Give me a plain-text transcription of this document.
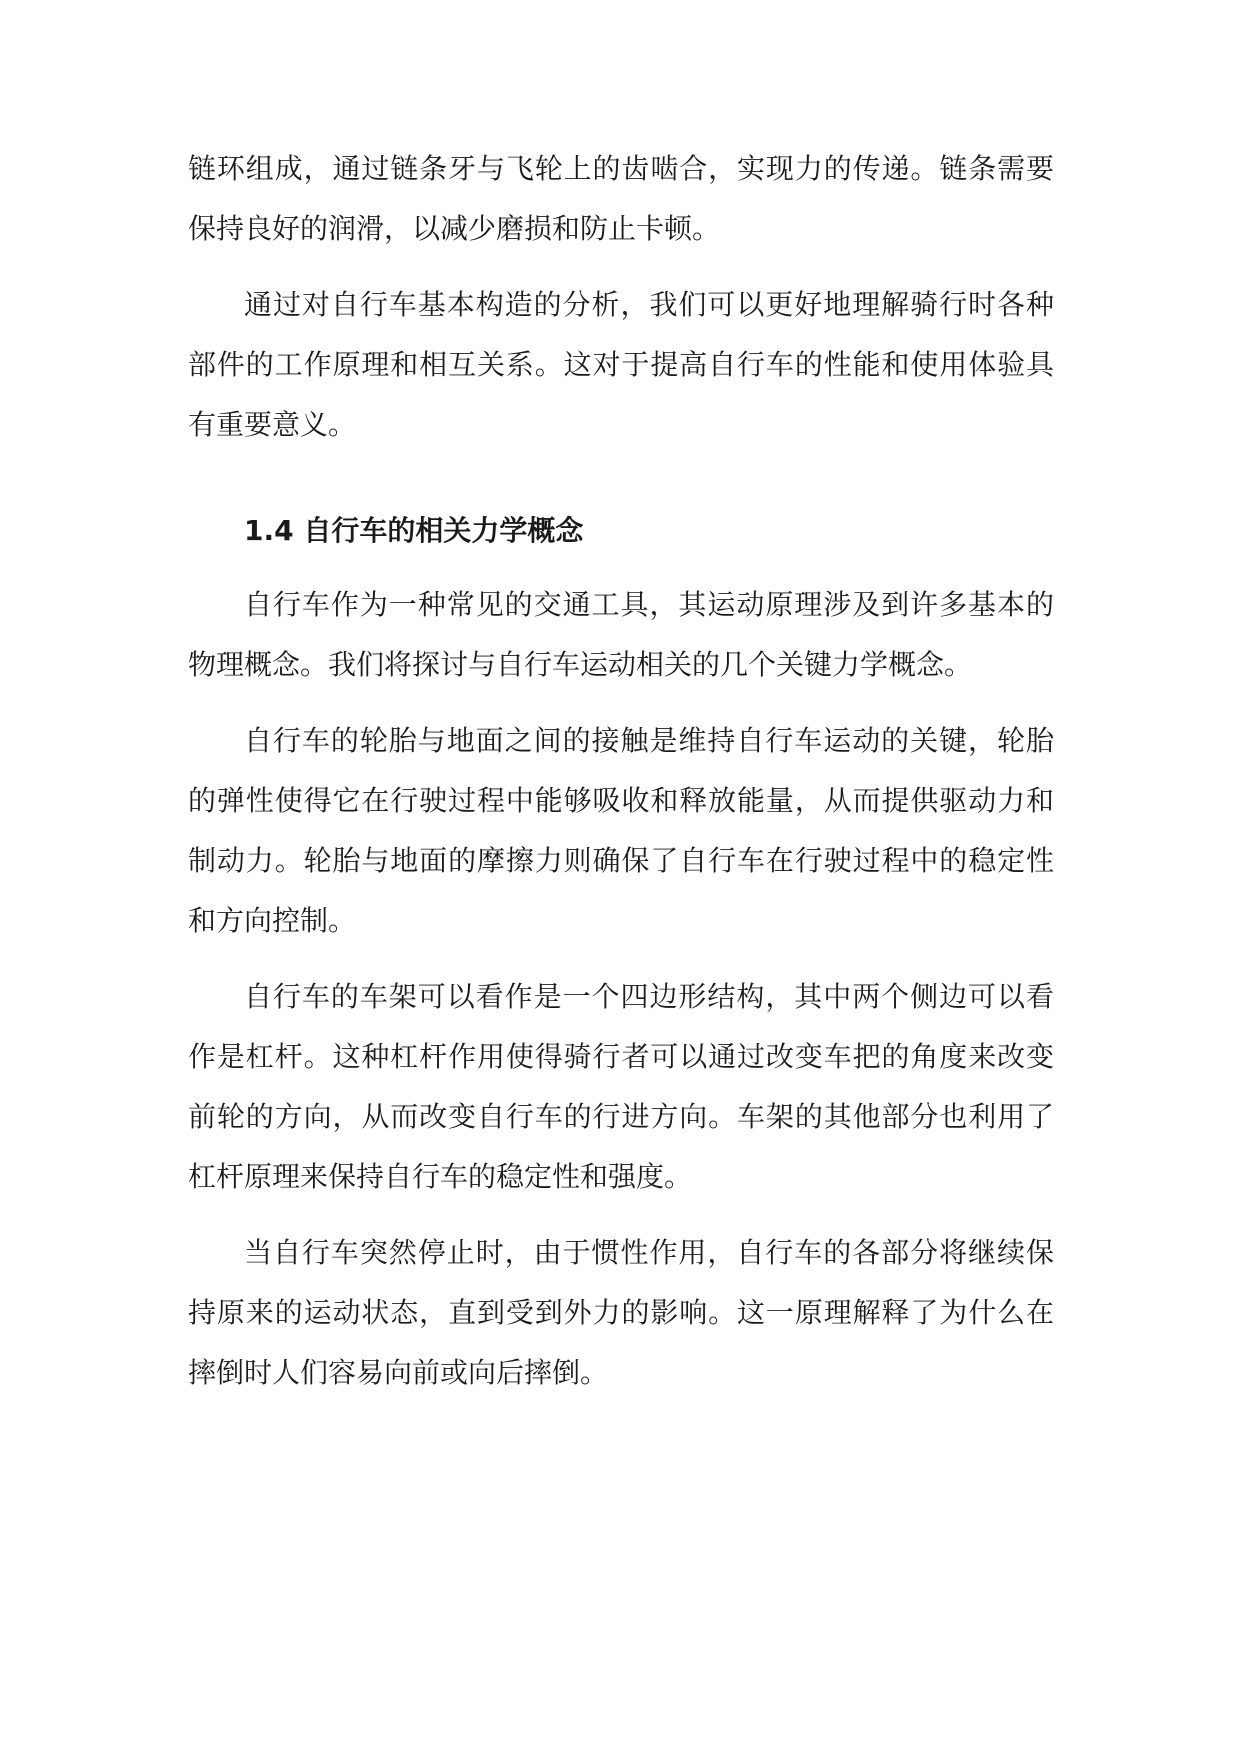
链环组成，通过链条牙与飞轮上的齿啮合，实现力的传递。链条需要保持良好的润滑，以减少磨损和防止卡顿。

通过对自行车基本构造的分析，我们可以更好地理解骑行时各种部件的工作原理和相互关系。这对于提高自行车的性能和使用体验具有重要意义。

1.4 自行车的相关力学概念

自行车作为一种常见的交通工具，其运动原理涉及到许多基本的物理概念。我们将探讨与自行车运动相关的几个关键力学概念。

自行车的轮胎与地面之间的接触是维持自行车运动的关键，轮胎的弹性使得它在行驶过程中能够吸收和释放能量，从而提供驱动力和制动力。轮胎与地面的摩擦力则确保了自行车在行驶过程中的稳定性和方向控制。

自行车的车架可以看作是一个四边形结构，其中两个侧边可以看作是杠杆。这种杠杆作用使得骑行者可以通过改变车把的角度来改变前轮的方向，从而改变自行车的行进方向。车架的其他部分也利用了杠杆原理来保持自行车的稳定性和强度。

当自行车突然停止时，由于惯性作用，自行车的各部分将继续保持原来的运动状态，直到受到外力的影响。这一原理解释了为什么在摔倒时人们容易向前或向后摔倒。
